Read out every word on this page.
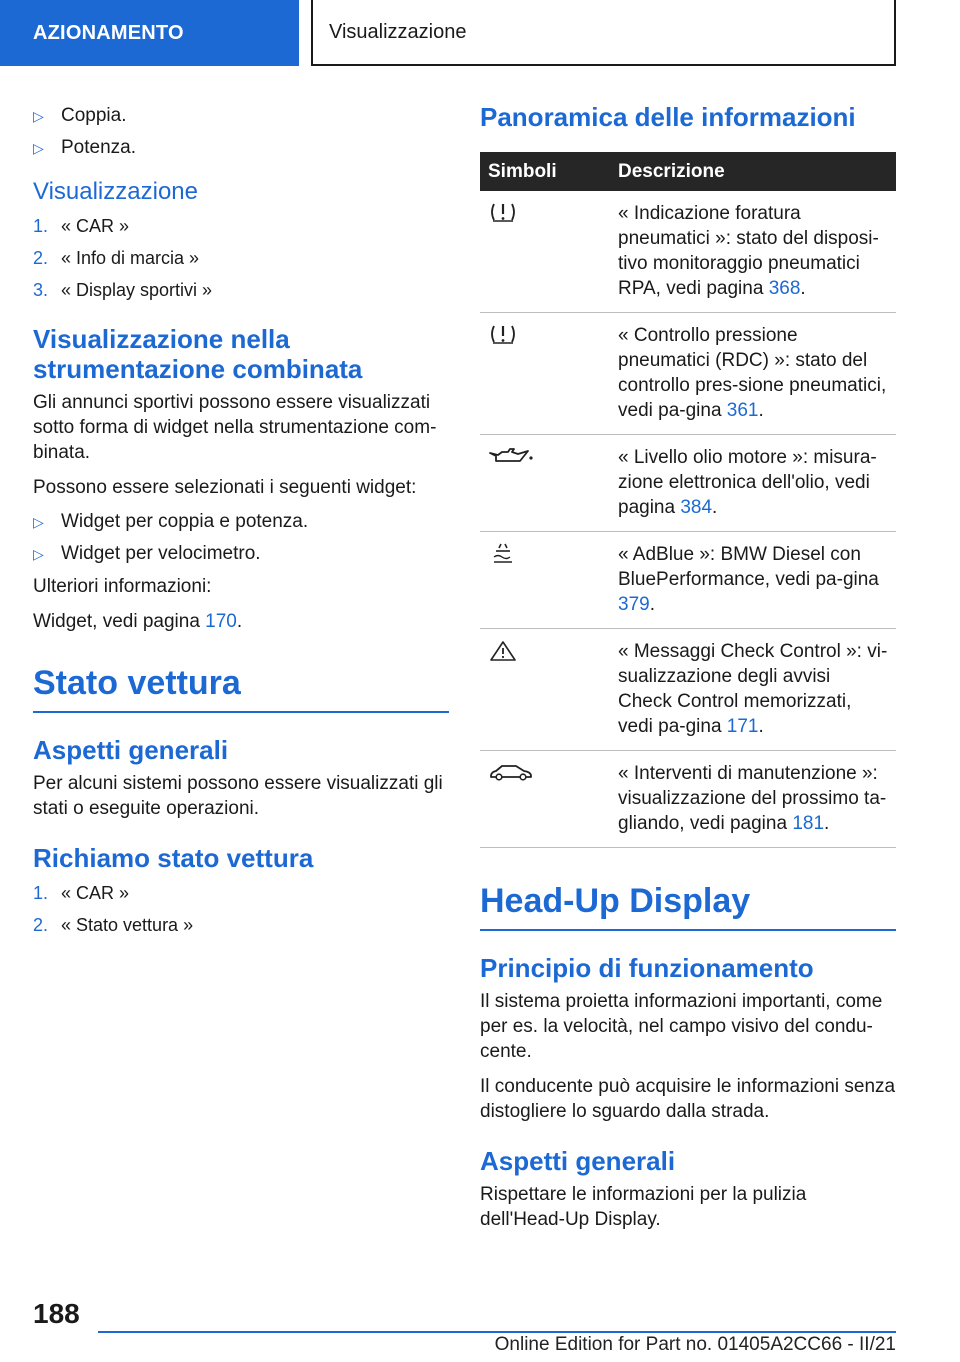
AZIONAMENTO	Visualizzazione
▷ Coppia.
▷ Potenza.
Visualizzazione
1. « CAR »
2. « Info di marcia »
3. « Display sportivi »
Visualizzazione nella strumentazione combinata

Gli annunci sportivi possono essere visualizzati sotto forma di widget nella strumentazione com‐binata.

Possono essere selezionati i seguenti widget:

▷ Widget per coppia e potenza.
▷ Widget per velocimetro.

Ulteriori informazioni:

Widget, vedi pagina 170.

Stato vettura
Aspetti generali

Per alcuni sistemi possono essere visualizzati gli stati o eseguite operazioni.

Richiamo stato vettura
1. « CAR »
2. « Stato vettura »
Panoramica delle informazioni
Simboli	Descrizione
	« Indicazione foratura pneumatici »: stato del disposi‐tivo monitoraggio pneumatici RPA, vedi pagina 368.
	« Controllo pressione pneumatici (RDC) »: stato del controllo pres‐sione pneumatici, vedi pa‐gina 361.
	« Livello olio motore »: misura‐zione elettronica dell'olio, vedi pagina 384.
	« AdBlue »: BMW Diesel con BluePerformance, vedi pa‐gina 379.
	« Messaggi Check Control »: vi‐sualizzazione degli avvisi Check Control memorizzati, vedi pa‐gina 171.
	« Interventi di manutenzione »: visualizzazione del prossimo ta‐gliando, vedi pagina 181.
Head-Up Display
Principio di funzionamento

Il sistema proietta informazioni importanti, come per es. la velocità, nel campo visivo del condu‐cente.

Il conducente può acquisire le informazioni senza distogliere lo sguardo dalla strada.

Aspetti generali

Rispettare le informazioni per la pulizia dell'Head-Up Display.

188
Online Edition for Part no. 01405A2CC66 - II/21
